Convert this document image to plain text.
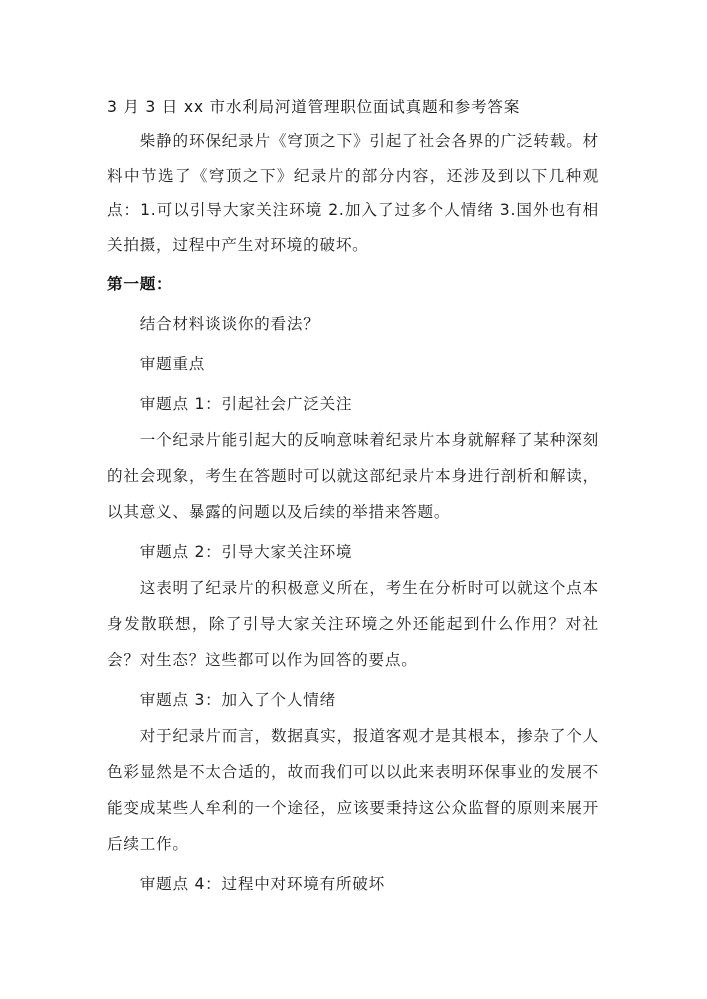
3 月 3 日 xx 市水利局河道管理职位面试真题和参考答案

柴静的环保纪录片《穹顶之下》引起了社会各界的广泛转载。材料中节选了《穹顶之下》纪录片的部分内容，还涉及到以下几种观点：1.可以引导大家关注环境 2.加入了过多个人情绪 3.国外也有相关拍摄，过程中产生对环境的破坏。

第一题：

结合材料谈谈你的看法？

审题重点

审题点 1：引起社会广泛关注

一个纪录片能引起大的反响意味着纪录片本身就解释了某种深刻的社会现象，考生在答题时可以就这部纪录片本身进行剖析和解读，以其意义、暴露的问题以及后续的举措来答题。

审题点 2：引导大家关注环境

这表明了纪录片的积极意义所在，考生在分析时可以就这个点本身发散联想，除了引导大家关注环境之外还能起到什么作用？对社会？对生态？这些都可以作为回答的要点。

审题点 3：加入了个人情绪

对于纪录片而言，数据真实，报道客观才是其根本，掺杂了个人色彩显然是不太合适的，故而我们可以以此来表明环保事业的发展不能变成某些人牟利的一个途径，应该要秉持这公众监督的原则来展开后续工作。

审题点 4：过程中对环境有所破坏
